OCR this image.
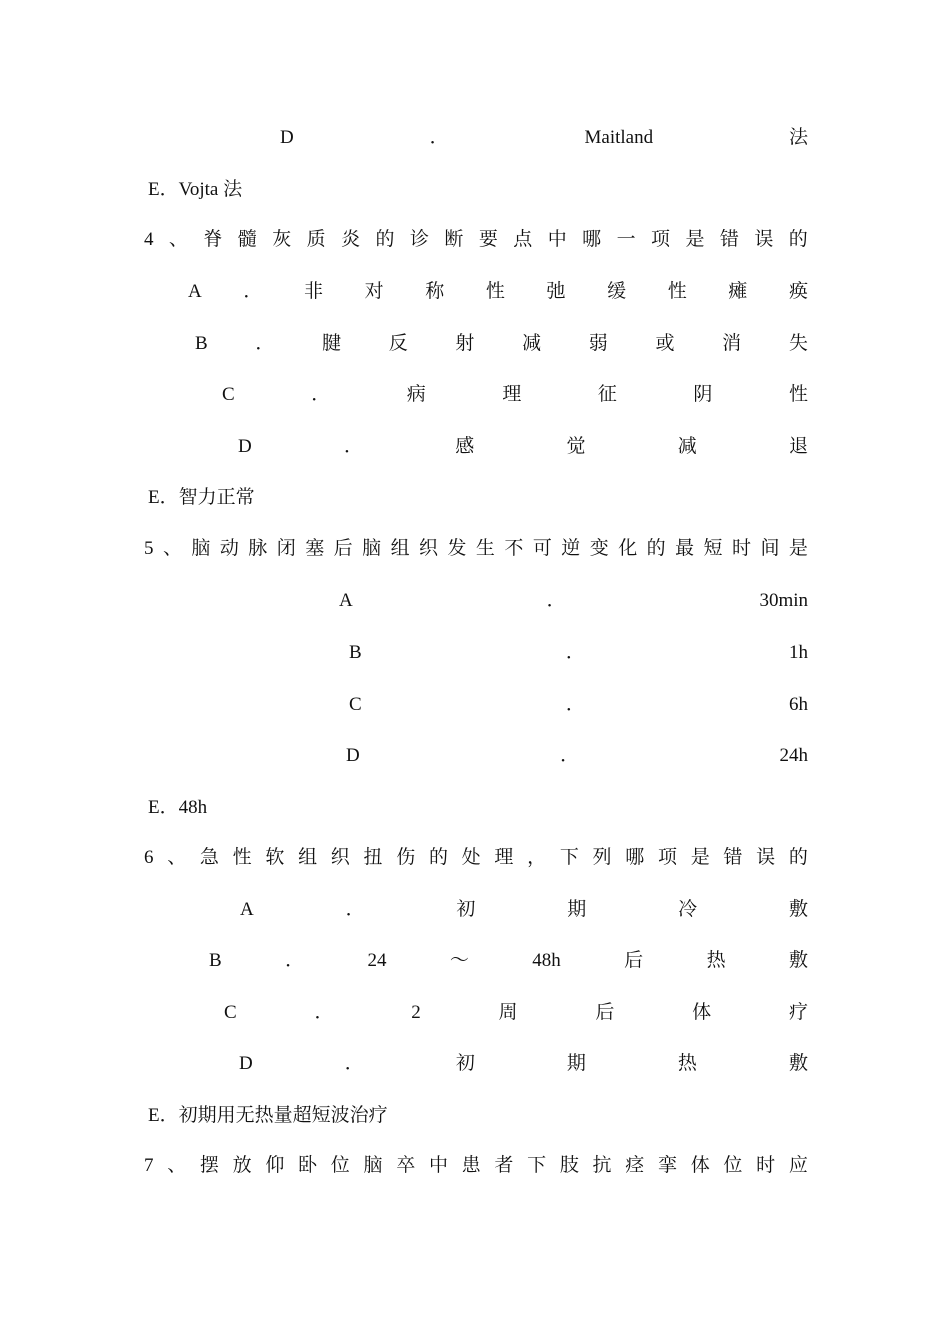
D	．	Maitland	法
E．Vojta 法
4 、 脊 髓 灰 质 炎 的 诊 断 要 点 中 哪 一 项 是 错 误 的
A ． 非 对 称 性 弛 缓 性 瘫 痪
B	．	腱	反	射	减	弱	或	消	失
C	．	病	理	征	阴	性
D	．	感	觉	减	退
E．智力正常
5 、 脑 动 脉 闭 塞 后 脑 组 织 发 生 不 可 逆 变 化 的 最 短 时 间 是
A	．	30min
B	．	1h
C	．	6h
D	．	24h
E．48h
6 、 急 性 软 组 织 扭 伤 的 处 理 ， 下 列 哪 项 是 错 误 的
A	．	初	期	冷	敷
B	．	24	～	48h	后	热	敷
C	．	2	周	后	体	疗
D	．	初	期	热	敷
E．初期用无热量超短波治疗
7 、 摆 放 仰 卧 位 脑 卒 中 患 者 下 肢 抗 痉 挛 体 位 时 应
